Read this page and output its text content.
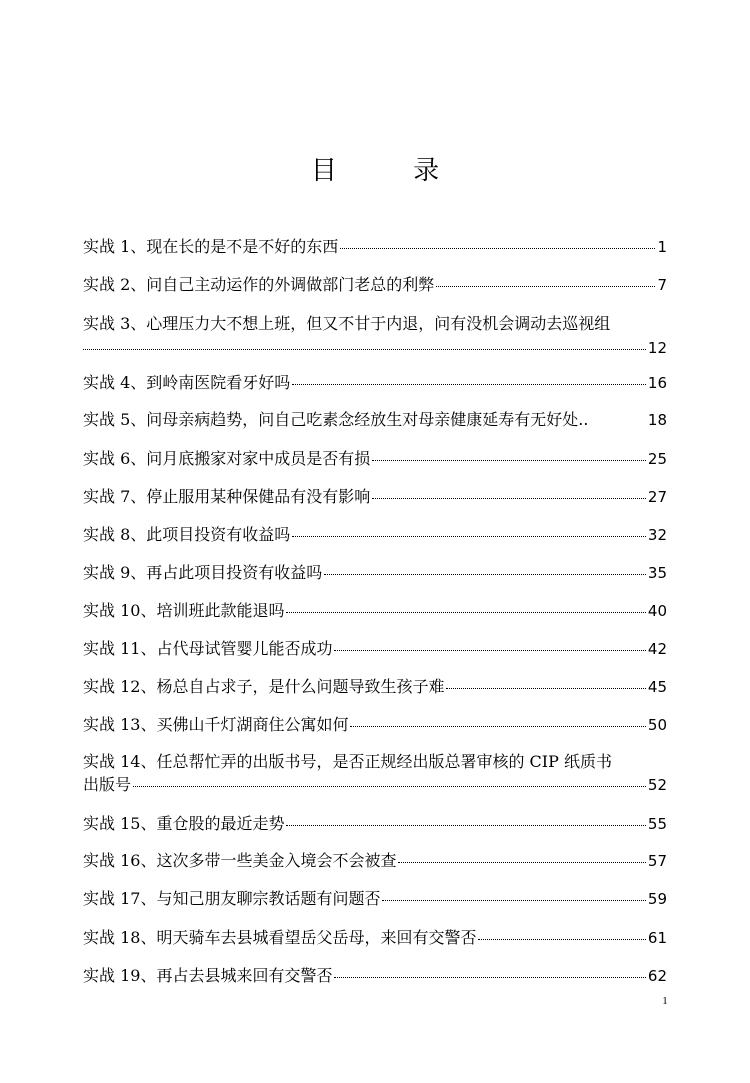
目 录
实战 1、现在长的是不是不好的东西	1
实战 2、问自己主动运作的外调做部门老总的利弊	7
实战 3、心理压力大不想上班，但又不甘于内退，问有没机会调动去巡视组
12
实战 4、到岭南医院看牙好吗	16
实战 5、问母亲病趋势，问自己吃素念经放生对母亲健康延寿有无好处..	18
实战 6、问月底搬家对家中成员是否有损	25
实战 7、停止服用某种保健品有没有影响	27
实战 8、此项目投资有收益吗	32
实战 9、再占此项目投资有收益吗	35
实战 10、培训班此款能退吗	40
实战 11、占代母试管婴儿能否成功	42
实战 12、杨总自占求子，是什么问题导致生孩子难	45
实战 13、买佛山千灯湖商住公寓如何	50
实战 14、任总帮忙弄的出版书号，是否正规经出版总署审核的 CIP 纸质书
出版号	52
实战 15、重仓股的最近走势	55
实战 16、这次多带一些美金入境会不会被查	57
实战 17、与知己朋友聊宗教话题有问题否	59
实战 18、明天骑车去县城看望岳父岳母，来回有交警否	61
实战 19、再占去县城来回有交警否	62
1
